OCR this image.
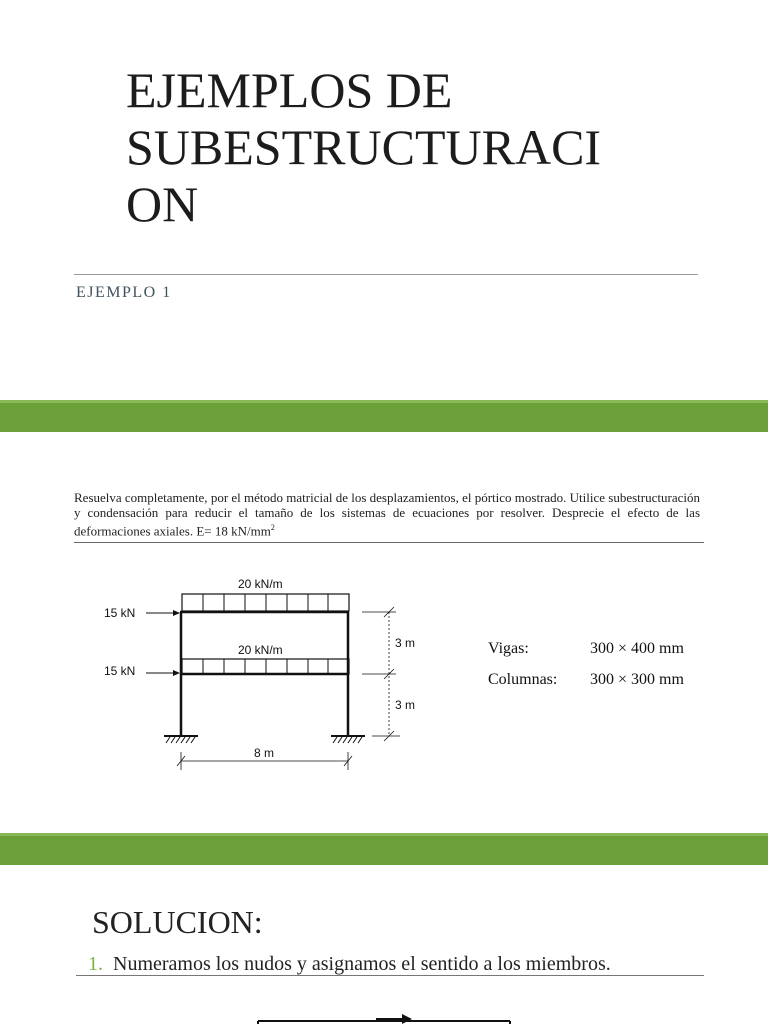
EJEMPLOS DE
SUBESTRUCTURACI
ON
EJEMPLO 1

Resuelva completamente, por el método matricial de los desplazamientos, el pórtico mostrado. Utilice subestructuración y condensación para reducir el tamaño de los sistemas de ecuaciones por resolver. Desprecie el efecto de las deformaciones axiales. E= 18 $kN/mm^2$

20 kN/m
20 kN/m
15 kN
15 kN
3 m
3 m
8 m
Vigas:	300 × 400 mm
Columnas: 300 × 300 mm
SOLUCION:
1. Numeramos los nudos y asignamos el sentido a los miembros.
